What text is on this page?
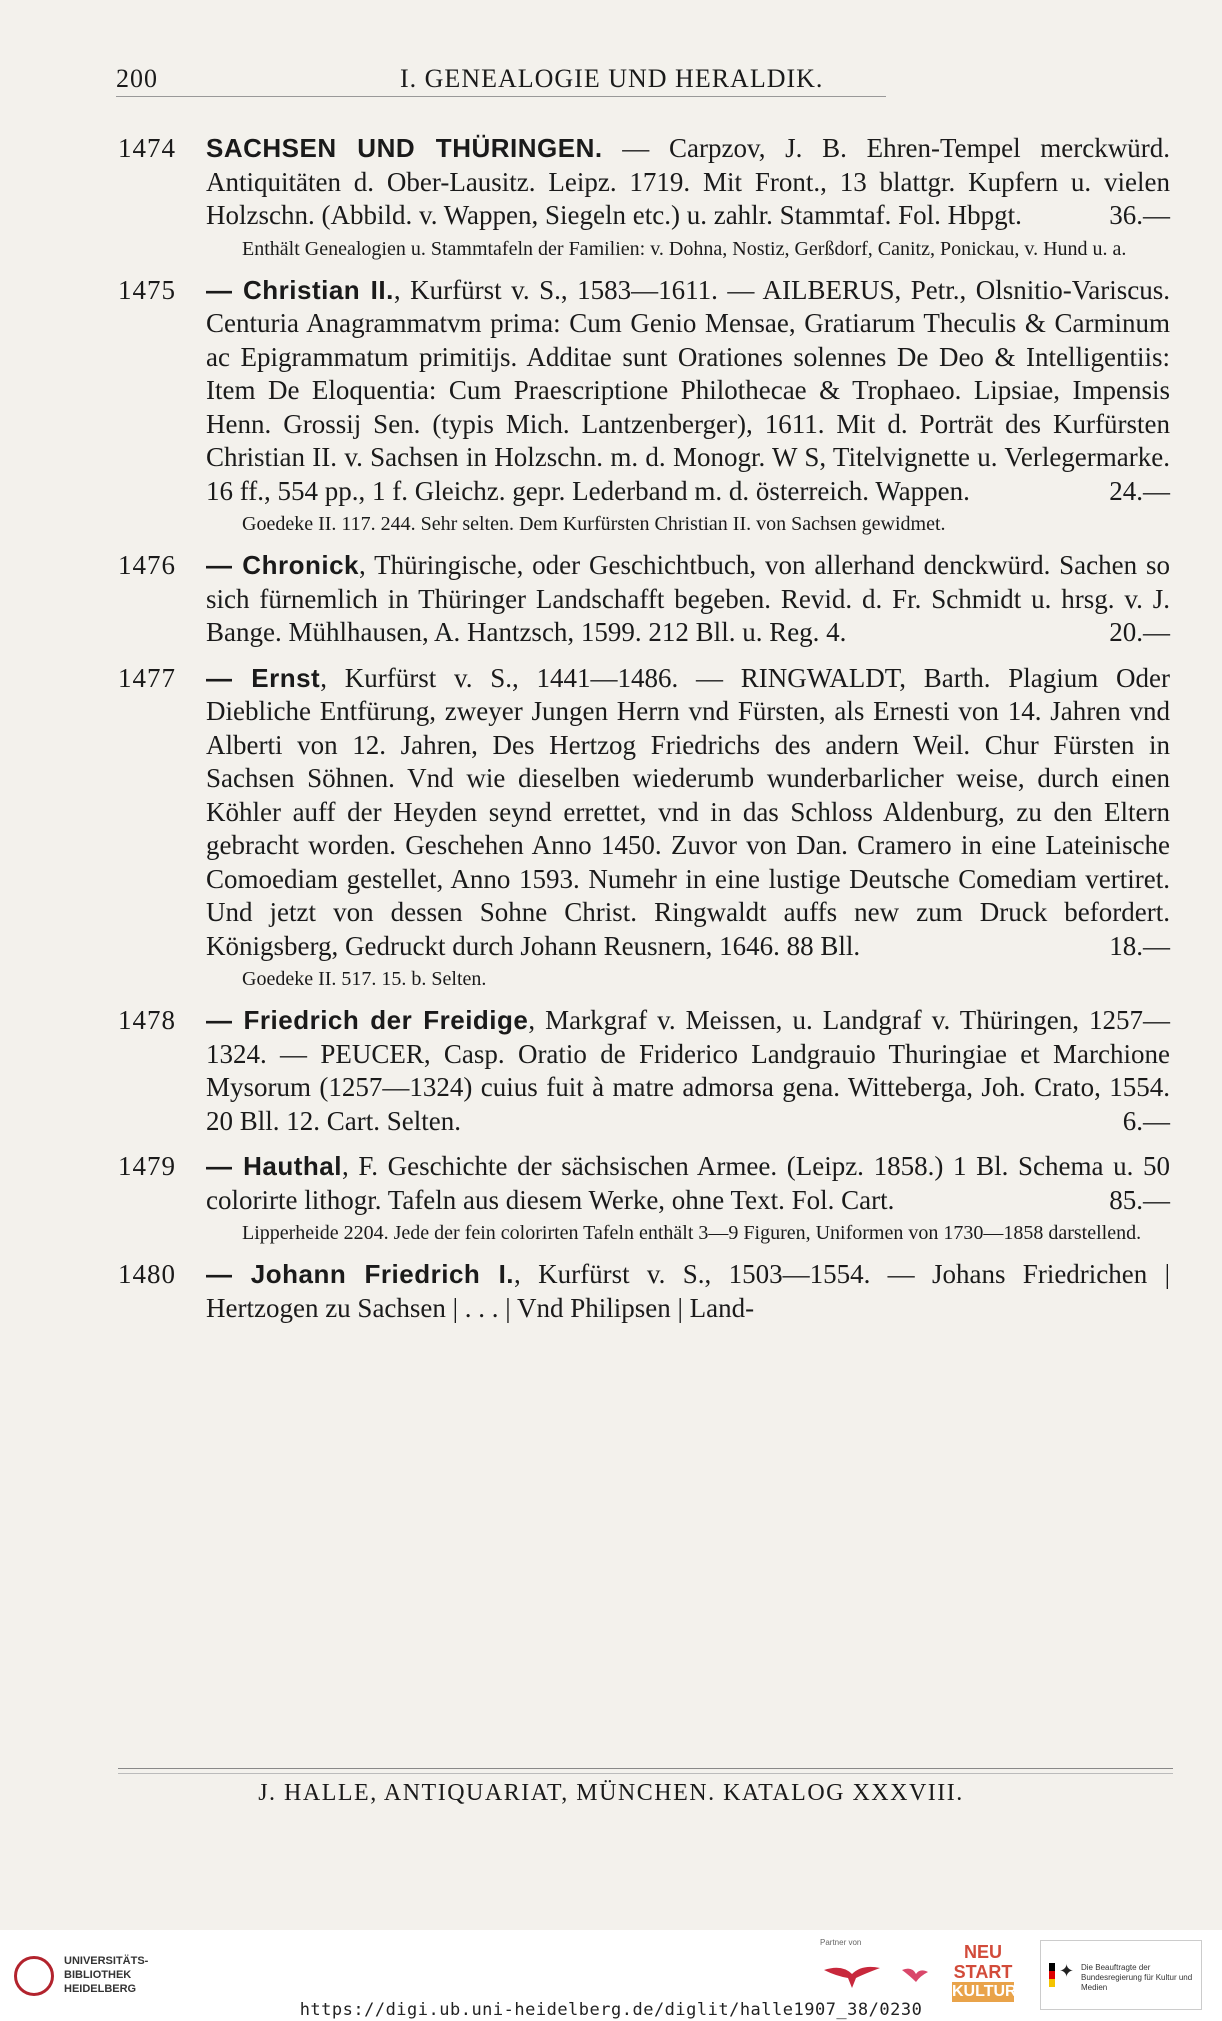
200	I. GENEALOGIE UND HERALDIK.
1474	SACHSEN UND THÜRINGEN. — Carpzov, J. B. Ehren-Tempel merckwürd. Antiquitäten d. Ober-Lausitz. Leipz. 1719. Mit Front., 13 blattgr. Kupfern u. vielen Holzschn. (Abbild. v. Wappen, Siegeln etc.) u. zahlr. Stammtaf. Fol. Hbpgt.	36.—
Enthält Genealogien u. Stammtafeln der Familien: v. Dohna, Nostiz, Gerßdorf, Canitz, Ponickau, v. Hund u. a.
1475	— Christian II., Kurfürst v. S., 1583—1611. — AILBERUS, Petr., Olsnitio-Variscus. Centuria Anagrammatvm prima: Cum Genio Mensae, Gratiarum Theculis & Carminum ac Epigrammatum primitijs. Additae sunt Orationes solennes De Deo & Intelligentiis: Item De Eloquentia: Cum Praescriptione Philothecae & Trophaeo. Lipsiae, Impensis Henn. Grossij Sen. (typis Mich. Lantzenberger), 1611. Mit d. Porträt des Kurfürsten Christian II. v. Sachsen in Holzschn. m. d. Monogr. W S, Titelvignette u. Verlegermarke. 16 ff., 554 pp., 1 f. Gleichz. gepr. Lederband m. d. österreich. Wappen.	24.—
Goedeke II. 117. 244. Sehr selten. Dem Kurfürsten Christian II. von Sachsen gewidmet.
1476	— Chronick, Thüringische, oder Geschichtbuch, von allerhand denckwürd. Sachen so sich fürnemlich in Thüringer Landschafft begeben. Revid. d. Fr. Schmidt u. hrsg. v. J. Bange. Mühlhausen, A. Hantzsch, 1599. 212 Bll. u. Reg. 4.	20.—
1477	— Ernst, Kurfürst v. S., 1441—1486. — RINGWALDT, Barth. Plagium Oder Diebliche Entfürung, zweyer Jungen Herrn vnd Fürsten, als Ernesti von 14. Jahren vnd Alberti von 12. Jahren, Des Hertzog Friedrichs des andern Weil. Chur Fürsten in Sachsen Söhnen. Vnd wie dieselben wiederumb wunderbarlicher weise, durch einen Köhler auff der Heyden seynd errettet, vnd in das Schloss Aldenburg, zu den Eltern gebracht worden. Geschehen Anno 1450. Zuvor von Dan. Cramero in eine Lateinische Comoediam gestellet, Anno 1593. Numehr in eine lustige Deutsche Comediam vertiret. Und jetzt von dessen Sohne Christ. Ringwaldt auffs new zum Druck befordert. Königsberg, Gedruckt durch Johann Reusnern, 1646. 88 Bll.	18.—
Goedeke II. 517. 15. b. Selten.
1478	— Friedrich der Freidige, Markgraf v. Meissen, u. Landgraf v. Thüringen, 1257—1324. — PEUCER, Casp. Oratio de Friderico Landgrauio Thuringiae et Marchione Mysorum (1257—1324) cuius fuit à matre admorsa gena. Witteberga, Joh. Crato, 1554. 20 Bll. 12. Cart. Selten.	6.—
1479	— Hauthal, F. Geschichte der sächsischen Armee. (Leipz. 1858.) 1 Bl. Schema u. 50 colorirte lithogr. Tafeln aus diesem Werke, ohne Text. Fol. Cart.	85.—
Lipperheide 2204. Jede der fein colorirten Tafeln enthält 3—9 Figuren, Uniformen von 1730—1858 darstellend.
1480	— Johann Friedrich I., Kurfürst v. S., 1503—1554. — Johans Friedrichen | Hertzogen zu Sachsen | . . . | Vnd Philipsen | Land-
J. HALLE, ANTIQUARIAT, MÜNCHEN. KATALOG XXXVIII.
UNIVERSITÄTS-
BIBLIOTHEK
HEIDELBERG
Partner von	NEU
START
KULTUR
✦ Die Beauftragte der Bundesregierung für Kultur und Medien
https://digi.ub.uni-heidelberg.de/diglit/halle1907_38/0230
